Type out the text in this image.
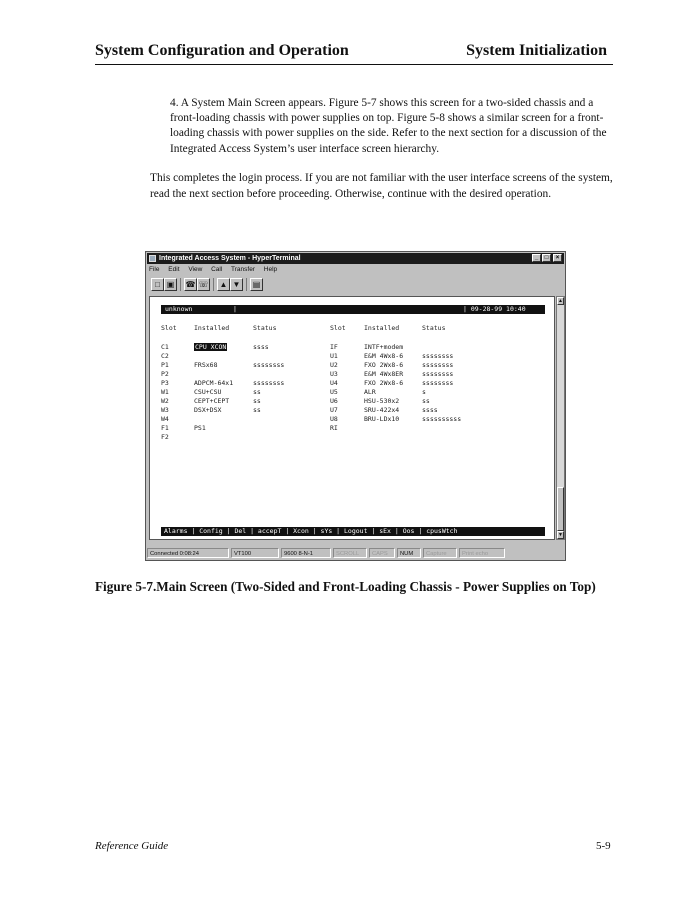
System Configuration and Operation	System Initialization
4. A System Main Screen appears. Figure 5-7 shows this screen for a two-sided chassis and a front-loading chassis with power supplies on top. Figure 5-8 shows a similar screen for a front-loading chassis with power supplies on the side. Refer to the next section for a discussion of the Integrated Access System’s user interface screen hierarchy.
This completes the login process. If you are not familiar with the user interface screens of the system, read the next section before proceeding. Otherwise, continue with the desired operation.
Integrated Access System - HyperTerminal	_	□	×
File Edit View Call Transfer Help
□ ▣	☎ ☏	▲ ▼	▤
unknown	|	| 09-28-99 10:40
Slot	Installed	Status	Slot	Installed	Status
C1	CPU XCON	ssss
C2
P1	FRSx68	ssssssss
P2
P3	ADPCM-64x1	ssssssss
W1	CSU+CSU	ss
W2	CEPT+CEPT	ss
W3	DSX+DSX	ss
W4
F1	PS1
F2
IF	INTF+modem
U1	E&M 4Wx8-6	ssssssss
U2	FXO 2Wx8-6	ssssssss
U3	E&M 4Wx8ER	ssssssss
U4	FXO 2Wx8-6	ssssssss
U5	ALR	s
U6	HSU-530x2	ss
U7	SRU-422x4	ssss
U8	BRU-LDx10	ssssssssss
RI
Alarms | Config | Del | accepT | Xcon | sYs | Logout | sEx | Oos | cpusWtch
▲
▼
Connected 0:08:24	VT100	9600 8-N-1	SCROLL	CAPS	NUM	Capture	Print echo
Figure 5-7.Main Screen (Two-Sided and Front-Loading Chassis - Power Supplies on Top)
Reference Guide	5-9
